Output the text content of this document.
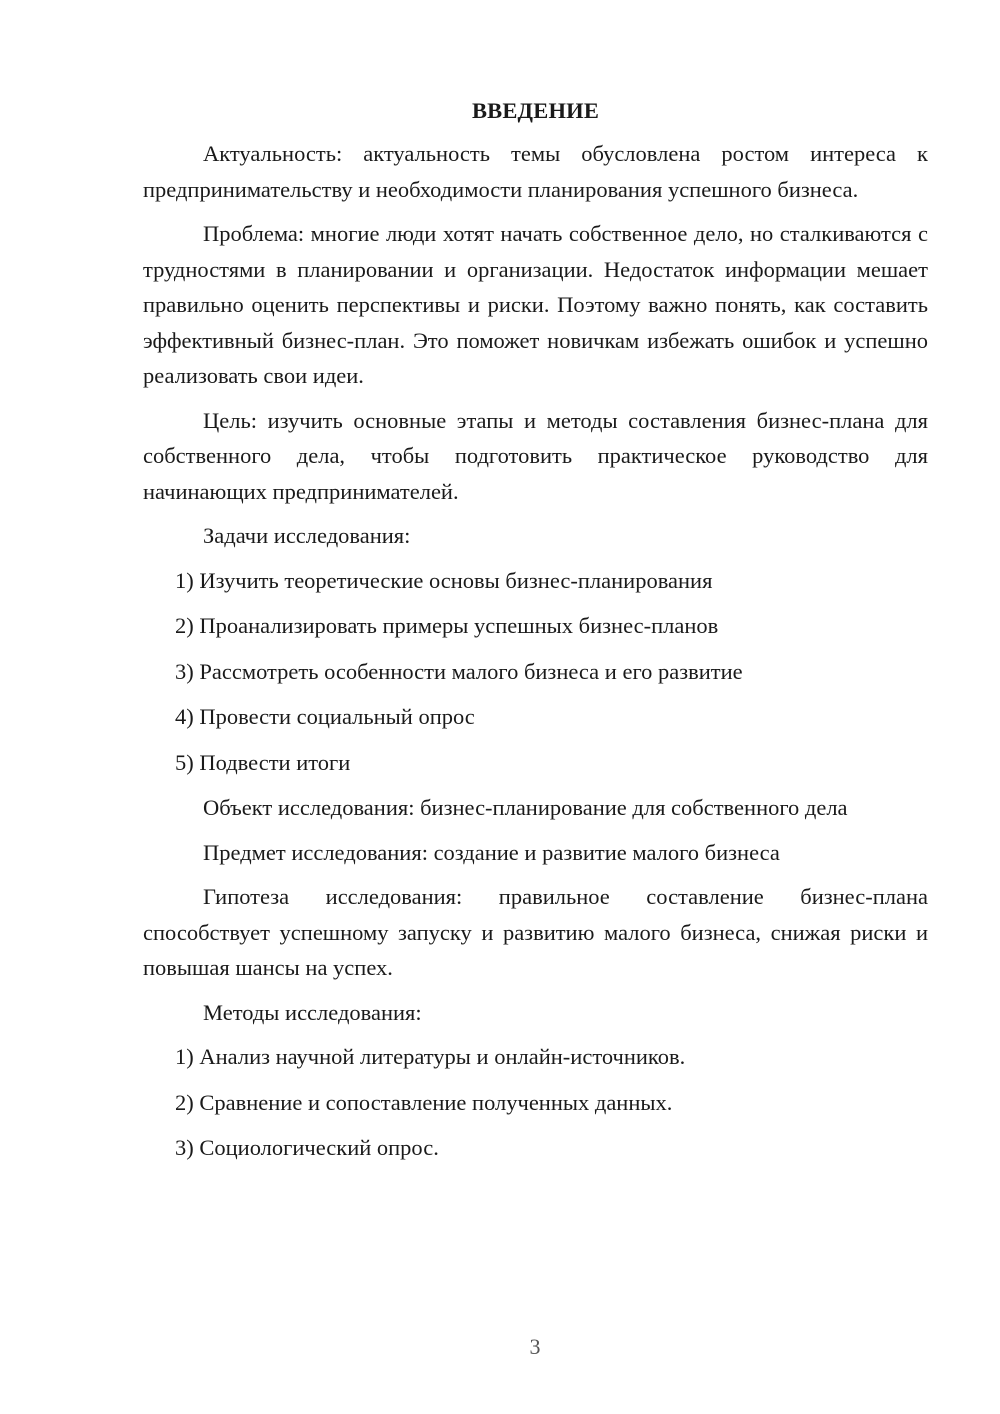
ВВЕДЕНИЕ

Актуальность: актуальность темы обусловлена ростом интереса к предпринимательству и необходимости планирования успешного бизнеса.

Проблема: многие люди хотят начать собственное дело, но сталкиваются с трудностями в планировании и организации. Недостаток информации мешает правильно оценить перспективы и риски. Поэтому важно понять, как составить эффективный бизнес-план. Это поможет новичкам избежать ошибок и успешно реализовать свои идеи.

Цель: изучить основные этапы и методы составления бизнес-плана для собственного дела, чтобы подготовить практическое руководство для начинающих предпринимателей.

Задачи исследования:
1) Изучить теоретические основы бизнес-планирования
2) Проанализировать примеры успешных бизнес-планов
3) Рассмотреть особенности малого бизнеса и его развитие
4) Провести социальный опрос
5) Подвести итоги
Объект исследования: бизнес-планирование для собственного дела
Предмет исследования: создание и развитие малого бизнеса

Гипотеза исследования: правильное составление бизнес-плана способствует успешному запуску и развитию малого бизнеса, снижая риски и повышая шансы на успех.

Методы исследования:
1) Анализ научной литературы и онлайн-источников.
2) Сравнение и сопоставление полученных данных.
3) Социологический опрос.
3
